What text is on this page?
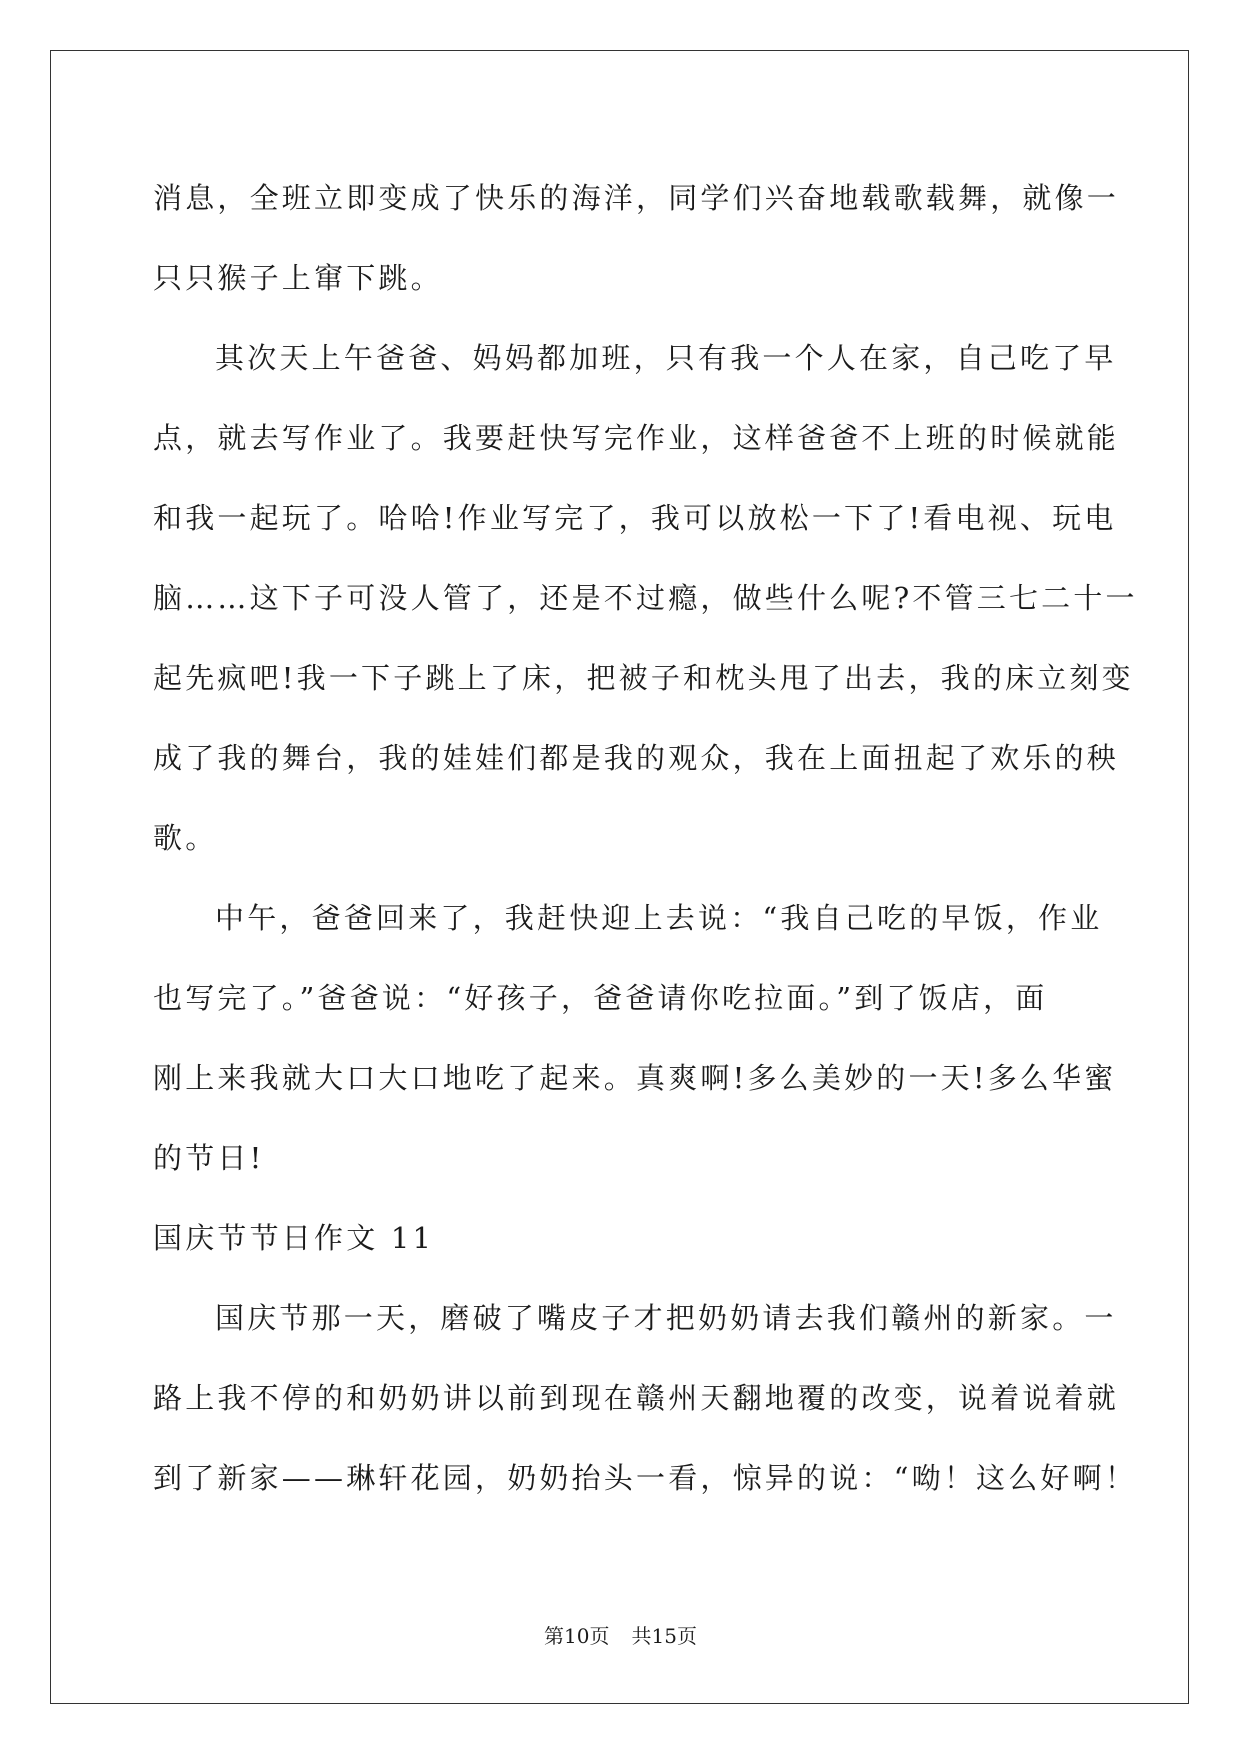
消息，全班立即变成了快乐的海洋，同学们兴奋地载歌载舞，就像一
只只猴子上窜下跳。
其次天上午爸爸、妈妈都加班，只有我一个人在家，自己吃了早
点，就去写作业了。我要赶快写完作业，这样爸爸不上班的时候就能
和我一起玩了。哈哈!作业写完了，我可以放松一下了!看电视、玩电
脑……这下子可没人管了，还是不过瘾，做些什么呢?不管三七二十一
起先疯吧!我一下子跳上了床，把被子和枕头甩了出去，我的床立刻变
成了我的舞台，我的娃娃们都是我的观众，我在上面扭起了欢乐的秧
歌。
中午，爸爸回来了，我赶快迎上去说：“我自己吃的早饭，作业
也写完了。”爸爸说：“好孩子，爸爸请你吃拉面。”到了饭店，面
刚上来我就大口大口地吃了起来。真爽啊!多么美妙的一天!多么华蜜
的节日!
国庆节节日作文 11
国庆节那一天，磨破了嘴皮子才把奶奶请去我们赣州的新家。一
路上我不停的和奶奶讲以前到现在赣州天翻地覆的改变，说着说着就
到了新家——琳轩花园，奶奶抬头一看，惊异的说：“呦！这么好啊！
第10页 共15页
